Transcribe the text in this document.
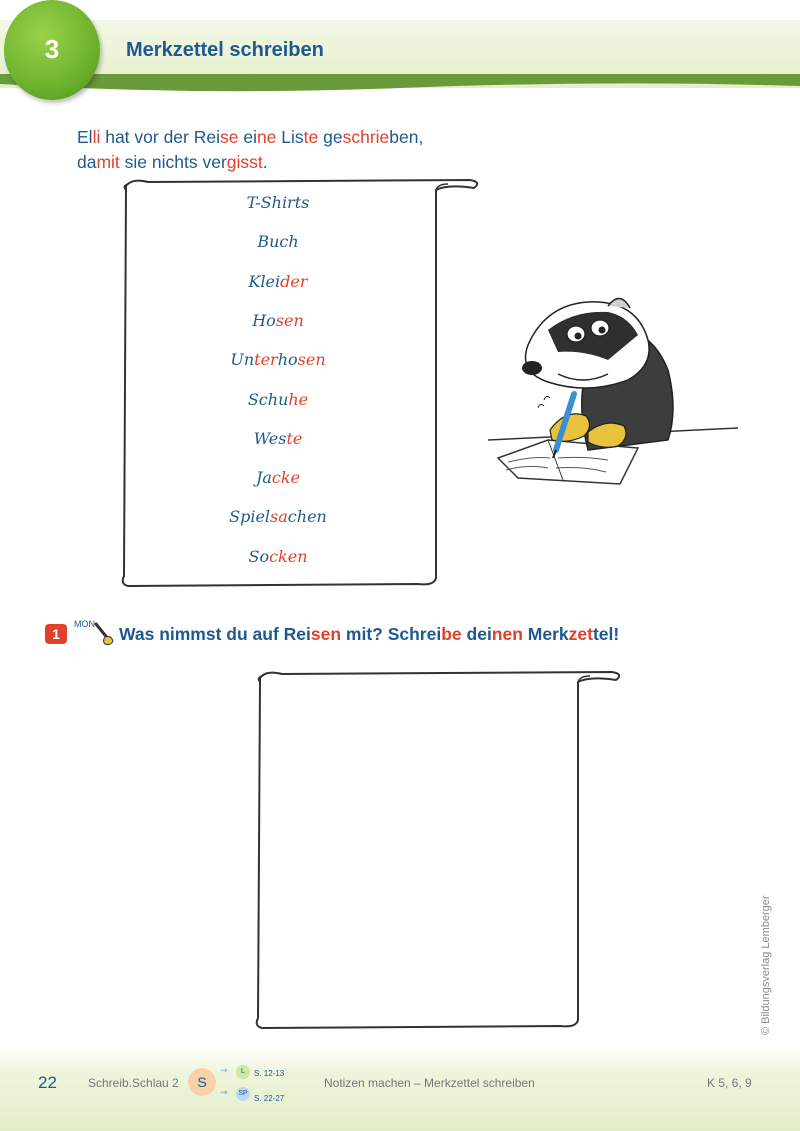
3	Merkzettel schreiben
Elli hat vor der Reise eine Liste geschrieben,
damit sie nichts vergisst.
T-Shirts
Buch
Kleider
Hosen
Unterhosen
Schuhe
Weste
Jacke
Spielsachen
Socken
1
MON Was nimmst du auf Reisen mit? Schreibe deinen Merkzettel!
© Bildungsverlag Lemberger
22	Schreib.Schlau 2	S
→	L	S. 12-13
→	SP
S. 22-27
Notizen machen – Merkzettel schreiben	K 5, 6, 9
